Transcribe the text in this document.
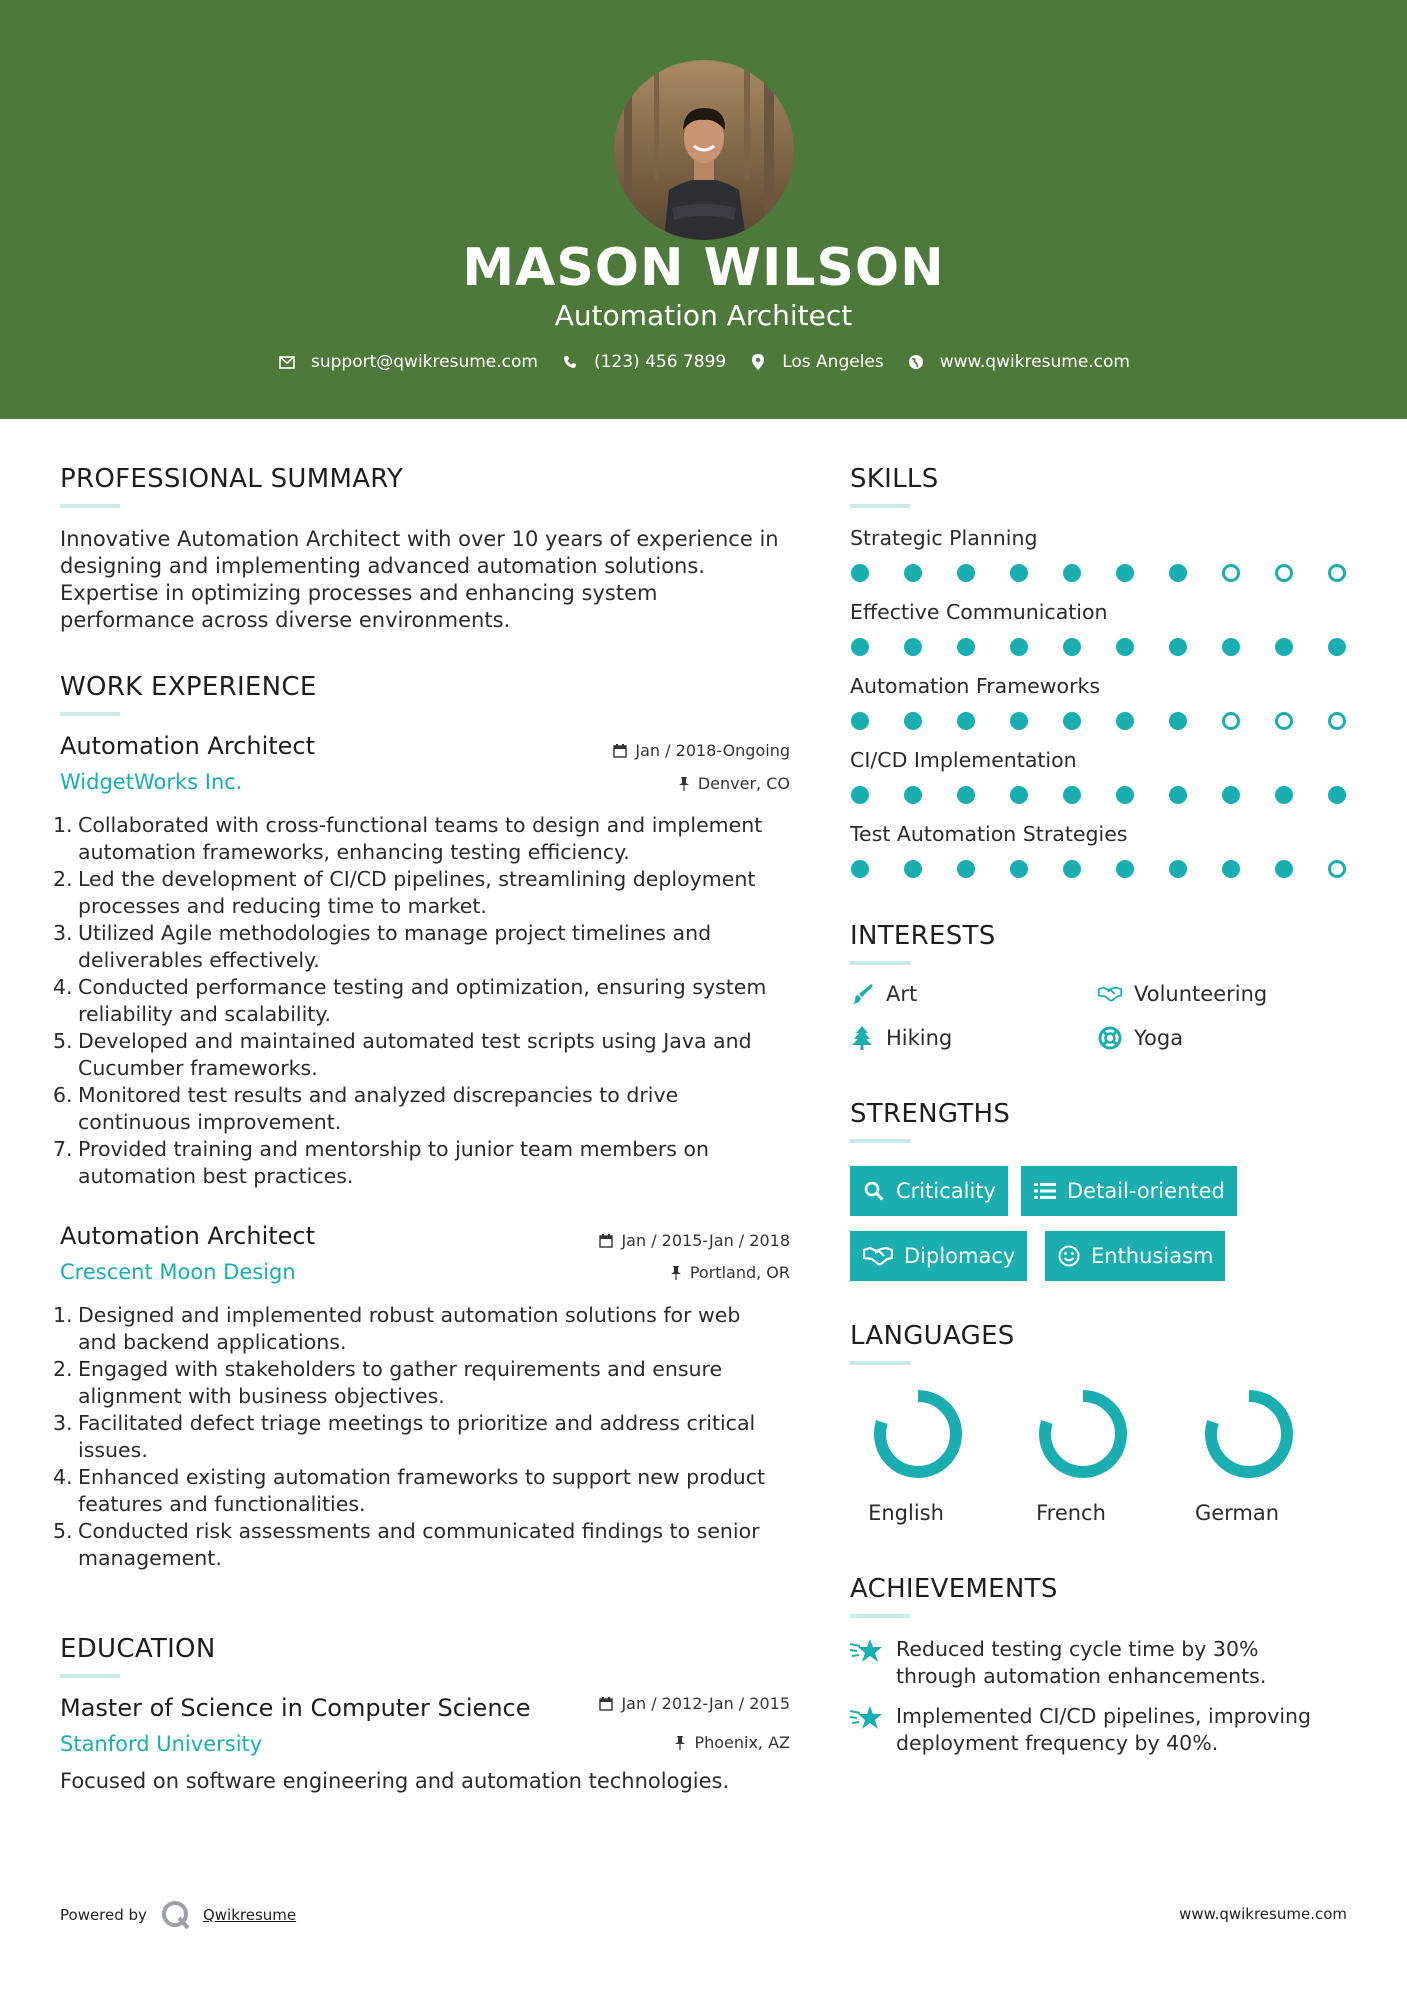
MASON WILSON
Automation Architect
support@qwikresume.com	(123) 456 7899	Los Angeles	www.qwikresume.com
PROFESSIONAL SUMMARY
Innovative Automation Architect with over 10 years of experience in
designing and implementing advanced automation solutions.
Expertise in optimizing processes and enhancing system
performance across diverse environments.
WORK EXPERIENCE
Automation Architect
WidgetWorks Inc.
Jan / 2018-Ongoing
Denver, CO
1. Collaborated with cross-functional teams to design and implement
automation frameworks, enhancing testing efficiency.
2. Led the development of CI/CD pipelines, streamlining deployment
processes and reducing time to market.
3. Utilized Agile methodologies to manage project timelines and
deliverables effectively.
4. Conducted performance testing and optimization, ensuring system
reliability and scalability.
5. Developed and maintained automated test scripts using Java and
Cucumber frameworks.
6. Monitored test results and analyzed discrepancies to drive
continuous improvement.
7. Provided training and mentorship to junior team members on
automation best practices.
Automation Architect
Crescent Moon Design
Jan / 2015-Jan / 2018
Portland, OR
1. Designed and implemented robust automation solutions for web
and backend applications.
2. Engaged with stakeholders to gather requirements and ensure
alignment with business objectives.
3. Facilitated defect triage meetings to prioritize and address critical
issues.
4. Enhanced existing automation frameworks to support new product
features and functionalities.
5. Conducted risk assessments and communicated findings to senior
management.
EDUCATION
Master of Science in Computer Science
Stanford University
Jan / 2012-Jan / 2015
Phoenix, AZ
Focused on software engineering and automation technologies.
SKILLS
Strategic Planning
Effective Communication
Automation Frameworks
CI/CD Implementation
Test Automation Strategies
INTERESTS
Art	Volunteering
Hiking	Yoga
STRENGTHS
Criticality	Detail-oriented
Diplomacy	Enthusiasm
LANGUAGES
English	French	German
ACHIEVEMENTS
Reduced testing cycle time by 30%
through automation enhancements.
Implemented CI/CD pipelines, improving
deployment frequency by 40%.
Powered by	Qwikresume	www.qwikresume.com
